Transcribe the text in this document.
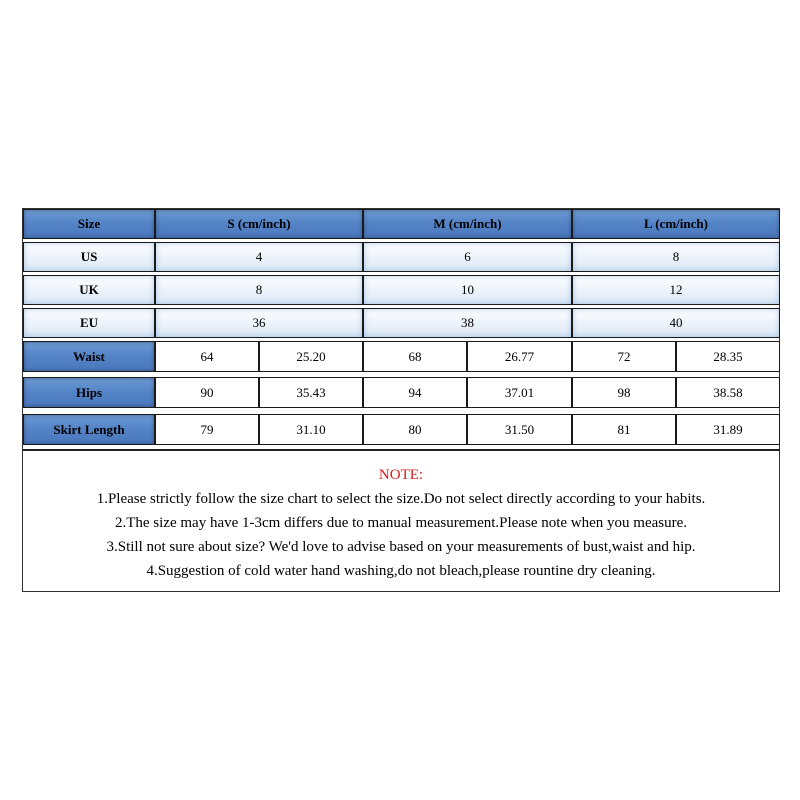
Size	S (cm/inch)	M (cm/inch)	L (cm/inch)
US	4	6	8
UK	8	10	12
EU	36	38	40
Waist	64	25.20	68	26.77	72	28.35
Hips	90	35.43	94	37.01	98	38.58
Skirt Length	79	31.10	80	31.50	81	31.89
NOTE:
1.Please strictly follow the size chart to select the size.Do not select directly according to your habits.
2.The size may have 1-3cm differs due to manual measurement.Please note when you measure.
3.Still not sure about size? We'd love to advise based on your measurements of bust,waist and hip.
4.Suggestion of cold water hand washing,do not bleach,please rountine dry cleaning.
